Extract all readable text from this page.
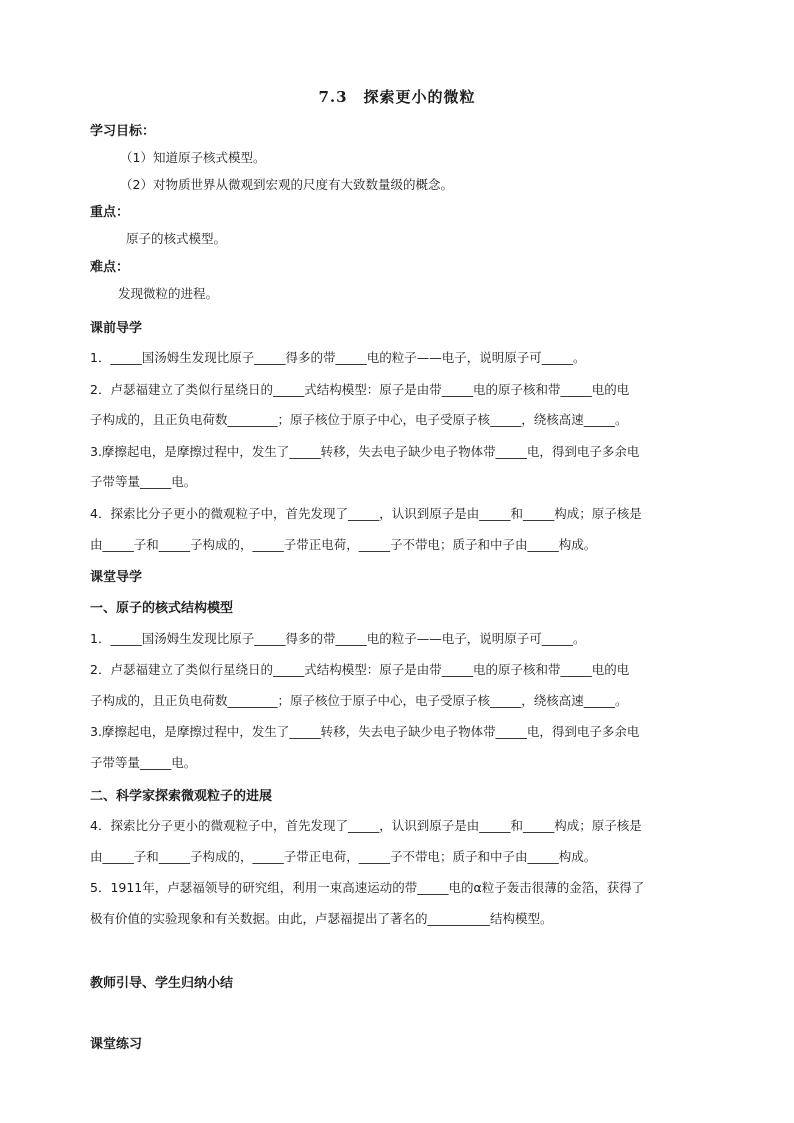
7.3　探索更小的微粒
学习目标：
（1）知道原子核式模型。
（2）对物质世界从微观到宏观的尺度有大致数量级的概念。
重点：
原子的核式模型。
难点：
发现微粒的进程。
课前导学
1．_____国汤姆生发现比原子_____得多的带_____电的粒子——电子，说明原子可_____。
2．卢瑟福建立了类似行星绕日的_____式结构模型：原子是由带_____电的原子核和带_____电的电
子构成的，且正负电荷数________；原子核位于原子中心，电子受原子核_____，绕核高速_____。
3.摩擦起电，是摩擦过程中，发生了_____转移，失去电子缺少电子物体带_____电，得到电子多余电
子带等量_____电。
4．探索比分子更小的微观粒子中，首先发现了_____，认识到原子是由_____和_____构成；原子核是
由_____子和_____子构成的，_____子带正电荷，_____子不带电；质子和中子由_____构成。
课堂导学
一、原子的核式结构模型
1．_____国汤姆生发现比原子_____得多的带_____电的粒子——电子，说明原子可_____。
2．卢瑟福建立了类似行星绕日的_____式结构模型：原子是由带_____电的原子核和带_____电的电
子构成的，且正负电荷数________；原子核位于原子中心，电子受原子核_____，绕核高速_____。
3.摩擦起电，是摩擦过程中，发生了_____转移，失去电子缺少电子物体带_____电，得到电子多余电
子带等量_____电。
二、科学家探索微观粒子的进展
4．探索比分子更小的微观粒子中，首先发现了_____，认识到原子是由_____和_____构成；原子核是
由_____子和_____子构成的，_____子带正电荷，_____子不带电；质子和中子由_____构成。
5．1911年，卢瑟福领导的研究组，利用一束高速运动的带_____电的α粒子轰击很薄的金箔，获得了
极有价值的实验现象和有关数据。由此，卢瑟福提出了著名的__________结构模型。
教师引导、学生归纳小结
课堂练习
